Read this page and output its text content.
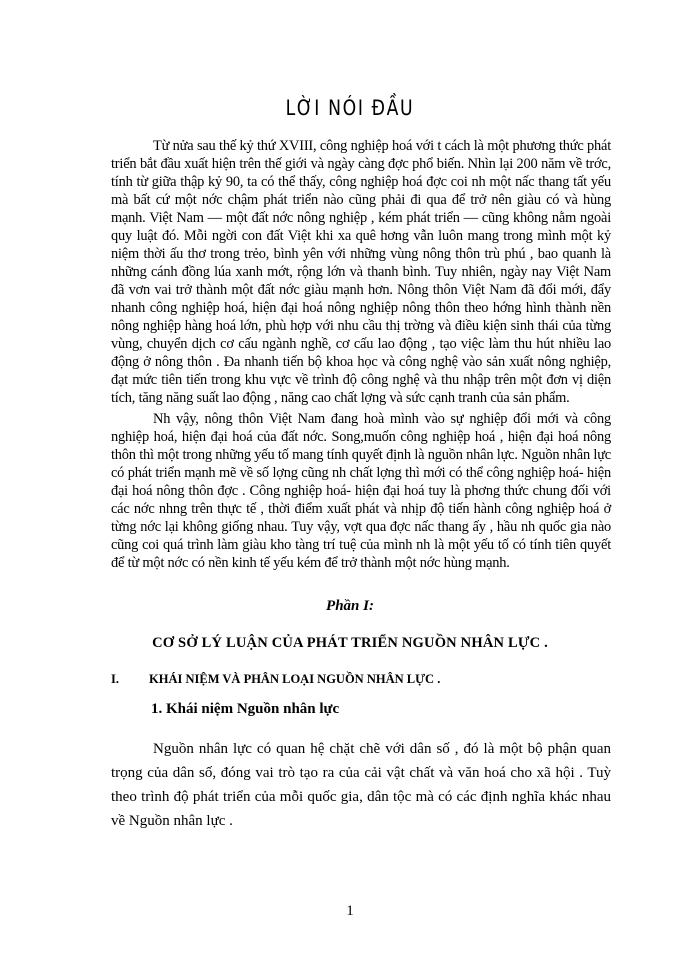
LỜI NÓI ĐẦU

Từ nửa sau thế kỷ thứ XVIII, công nghiệp hoá với t cách là một phương thức phát triển bắt đầu xuất hiện trên thế giới và ngày càng đợc phổ biến. Nhìn lại 200 năm về trớc, tính từ giữa thập kỷ 90, ta có thể thấy, công nghiệp hoá đợc coi nh một nấc thang tất yếu mà bất cứ một nớc chậm phát triển nào cũng phải đi qua để trở nên giàu có và hùng mạnh. Việt Nam — một đất nớc nông nghiệp , kém phát triển — cũng không nằm ngoài quy luật đó. Mỗi ngời con đất Việt khi xa quê hơng vẫn luôn mang trong mình một kỷ niệm thời ấu thơ trong trẻo, bình yên với những vùng nông thôn trù phú , bao quanh là những cánh đồng lúa xanh mớt, rộng lớn và thanh bình. Tuy nhiên, ngày nay Việt Nam đã vơn vai trở thành một đất nớc giàu mạnh hơn. Nông thôn Việt Nam đã đổi mới, đẩy nhanh công nghiệp hoá, hiện đại hoá nông nghiệp nông thôn theo hớng hình thành nền nông nghiệp hàng hoá lớn, phù hợp với nhu cầu thị trờng và điều kiện sinh thái của từng vùng, chuyển dịch cơ cấu ngành nghề, cơ cấu lao động , tạo việc làm thu hút nhiều lao động ở nông thôn . Đa nhanh tiến bộ khoa học và công nghệ vào sản xuất nông nghiệp, đạt mức tiên tiến trong khu vực về trình độ công nghệ và thu nhập trên một đơn vị diện tích, tăng năng suất lao động , năng cao chất lợng và sức cạnh tranh của sản phẩm.

Nh vậy, nông thôn Việt Nam đang hoà mình vào sự nghiệp đổi mới và công nghiệp hoá, hiện đại hoá của đất nớc. Song,muốn công nghiệp hoá , hiện đại hoá nông thôn thì một trong những yếu tố mang tính quyết định là nguồn nhân lực. Nguồn nhân lực có phát triển mạnh mẽ về số lợng cũng nh chất lợng thì mới có thể công nghiệp hoá- hiện đại hoá nông thôn đợc . Công nghiệp hoá- hiện đại hoá tuy là phơng thức chung đối với các nớc nhng trên thực tế , thời điểm xuất phát và nhịp độ tiến hành công nghiệp hoá ở từng nớc lại không giống nhau. Tuy vậy, vợt qua đợc nấc thang ấy , hầu nh quốc gia nào cũng coi quá trình làm giàu kho tàng trí tuệ của mình nh là một yếu tố có tính tiên quyết để từ một nớc có nền kinh tế yếu kém để trở thành một nớc hùng mạnh.

Phần I:
CƠ SỞ LÝ LUẬN CỦA PHÁT TRIỂN NGUỒN NHÂN LỰC .
I. KHÁI NIỆM VÀ PHÂN LOẠI NGUỒN NHÂN LỰC .
1. Khái niệm Nguồn nhân lực

Nguồn nhân lực có quan hệ chặt chẽ với dân số , đó là một bộ phận quan trọng của dân số, đóng vai trò tạo ra của cải vật chất và văn hoá cho xã hội . Tuỳ theo trình độ phát triển của mỗi quốc gia, dân tộc mà có các định nghĩa khác nhau về Nguồn nhân lực .

1
